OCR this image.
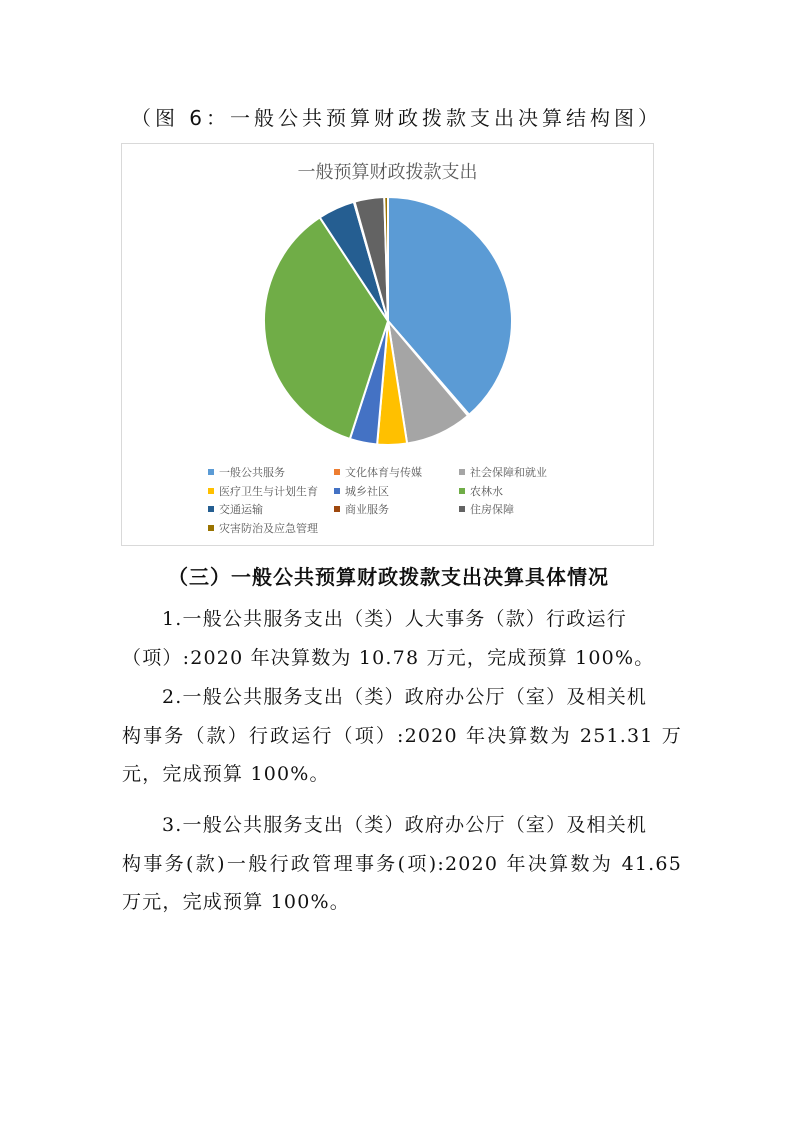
（图 6：一般公共预算财政拨款支出决算结构图）
一般预算财政拨款支出
一般公共服务	文化体育与传媒	社会保障和就业
医疗卫生与计划生育	城乡社区	农林水
交通运输	商业服务	住房保障
灾害防治及应急管理
（三）一般公共预算财政拨款支出决算具体情况
1.一般公共服务支出（类）人大事务（款）行政运行
（项）:2020 年决算数为 10.78 万元，完成预算 100%。
2.一般公共服务支出（类）政府办公厅（室）及相关机
构事务（款）行政运行（项）:2020 年决算数为 251.31 万元，完成预算 100%。
3.一般公共服务支出（类）政府办公厅（室）及相关机
构事务(款)一般行政管理事务(项):2020 年决算数为 41.65 万元，完成预算 100%。
